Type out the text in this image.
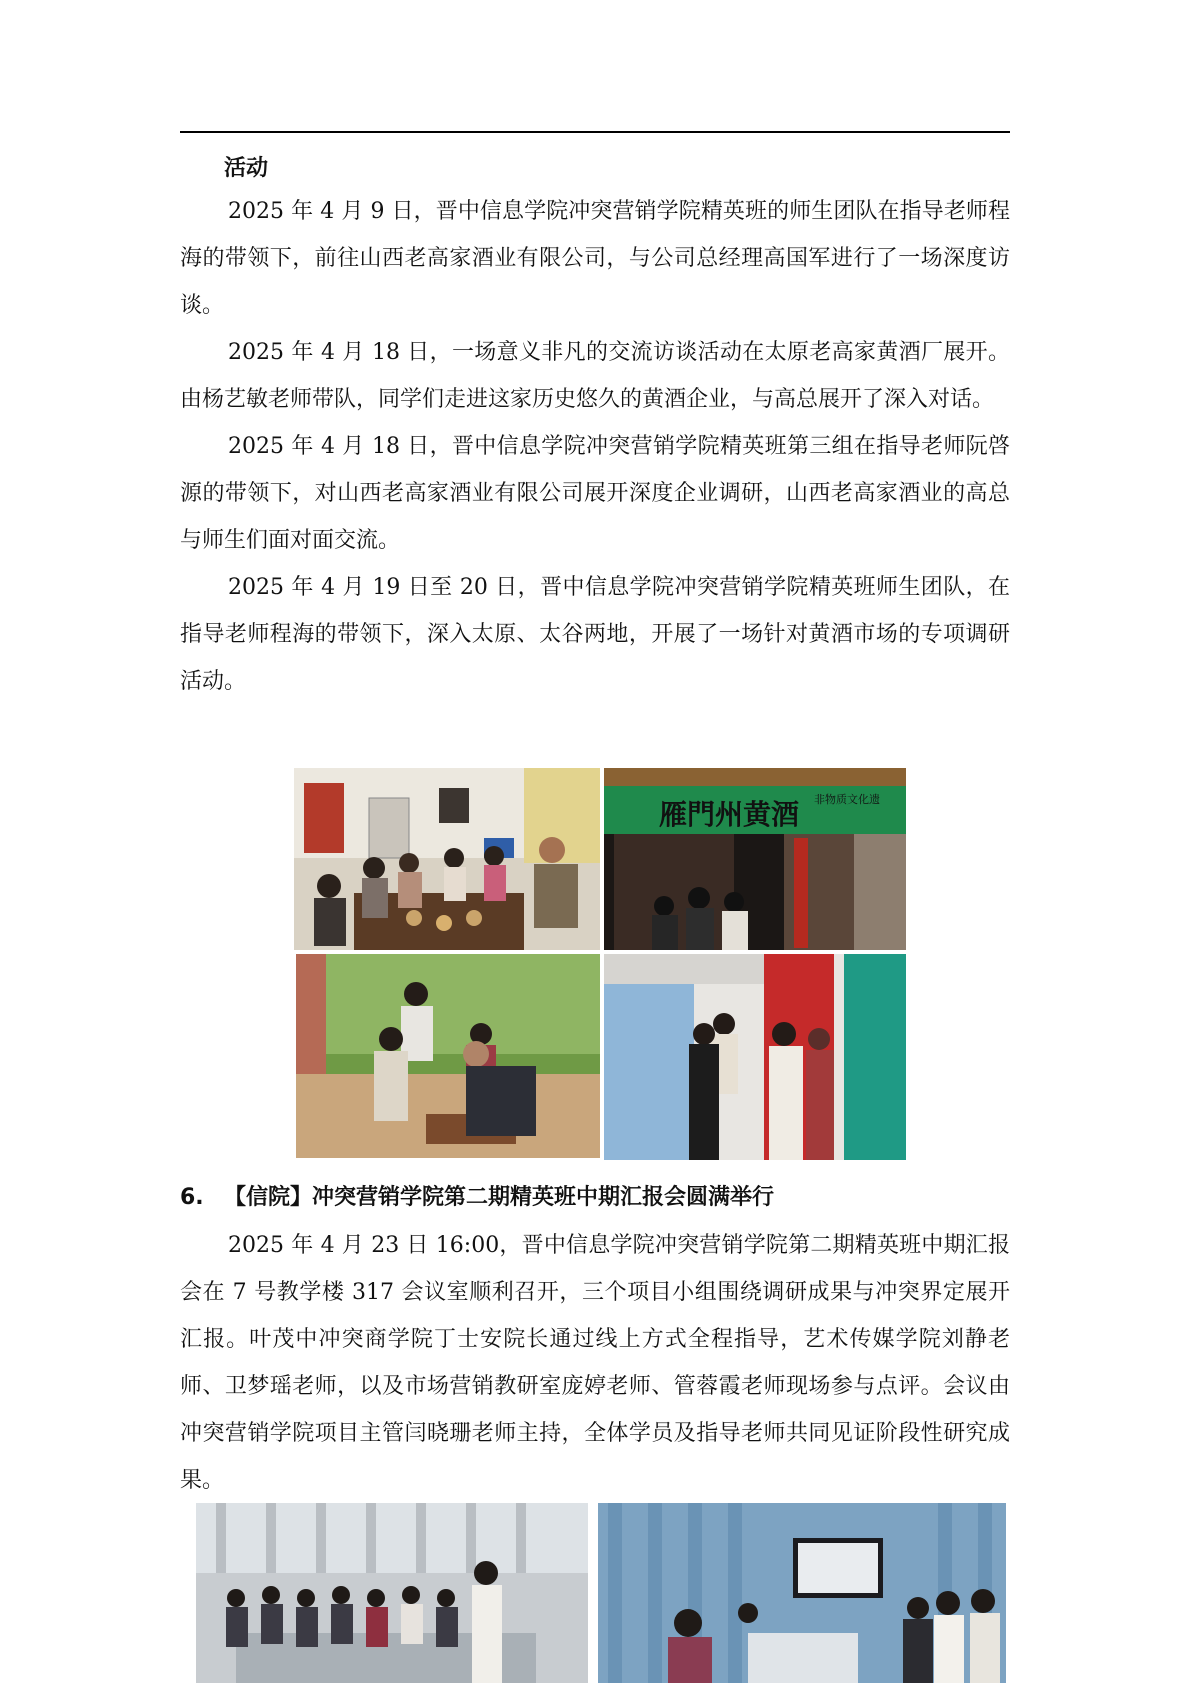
活动

2025 年 4 月 9 日，晋中信息学院冲突营销学院精英班的师生团队在指导老师程海的带领下，前往山西老高家酒业有限公司，与公司总经理高国军进行了一场深度访谈。

2025 年 4 月 18 日，一场意义非凡的交流访谈活动在太原老高家黄酒厂展开。由杨艺敏老师带队，同学们走进这家历史悠久的黄酒企业，与高总展开了深入对话。

2025 年 4 月 18 日，晋中信息学院冲突营销学院精英班第三组在指导老师阮啓源的带领下，对山西老高家酒业有限公司展开深度企业调研，山西老高家酒业的高总与师生们面对面交流。

2025 年 4 月 19 日至 20 日，晋中信息学院冲突营销学院精英班师生团队，在指导老师程海的带领下，深入太原、太谷两地，开展了一场针对黄酒市场的专项调研活动。

雁門州黄酒 非物质文化遗
6. 【信院】冲突营销学院第二期精英班中期汇报会圆满举行

2025 年 4 月 23 日 16:00，晋中信息学院冲突营销学院第二期精英班中期汇报会在 7 号教学楼 317 会议室顺利召开，三个项目小组围绕调研成果与冲突界定展开汇报。叶茂中冲突商学院丁士安院长通过线上方式全程指导，艺术传媒学院刘静老师、卫梦瑶老师，以及市场营销教研室庞婷老师、管蓉霞老师现场参与点评。会议由冲突营销学院项目主管闫晓珊老师主持，全体学员及指导老师共同见证阶段性研究成果。
